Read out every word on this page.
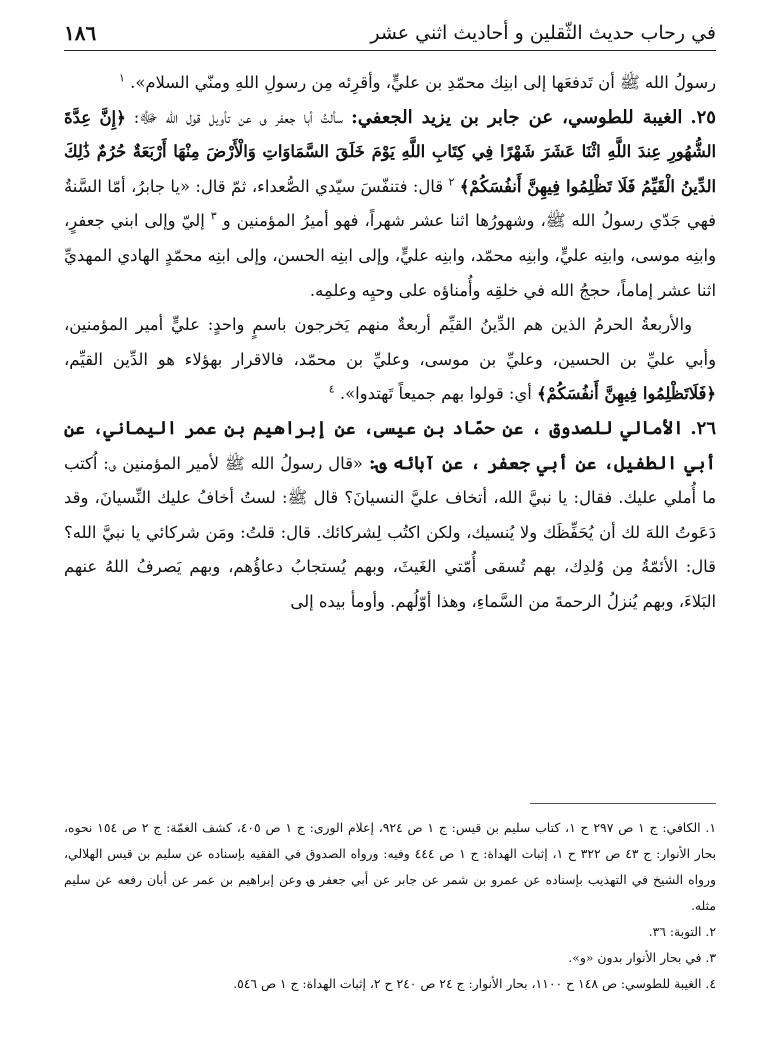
في رحاب حديث الثّقلين و أحاديث اثني عشر
١٨٦

رسولُ الله ﷺ أن تَدفعَها إلى ابنِك محمّدِ بن عليٍّ، وأقرِئه مِن رسولِ اللهِ ومنّي السلام». $^١$

٢٥. الغيبة للطوسي، عن جابر بن يزيد الجعفي: سألتُ أبا جعفر ؈ عن تأويل قول الله ﷻ: ﴿إِنَّ عِدَّةَ الشُّهُورِ عِندَ اللَّهِ اثْنَا عَشَرَ شَهْرًا فِي كِتَابِ اللَّهِ يَوْمَ خَلَقَ السَّمَاوَاتِ وَالْأَرْضَ مِنْهَا أَرْبَعَةٌ حُرُمٌ ذَٰلِكَ الدِّينُ الْقَيِّمُ فَلَا تَظْلِمُوا فِيهِنَّ أَنفُسَكُمْ﴾ $^٢$ قال: فتنفّسَ سيّدي الصُّعداء، ثمّ قال: «يا جابرُ، أمّا السَّنةُ فهي جَدّي رسولُ الله ﷺ، وشهورُها اثنا عشر شهراً، فهو أميرُ المؤمنين و $^٣$ إليّ وإلى ابني جعفرٍ، وابنِه موسى، وابنِه عليٍّ، وابنِه محمّد، وابنِه عليٍّ، وإلى ابنِه الحسن، وإلى ابنِه محمّدٍ الهادي المهديِّ اثنا عشر إماماً، حججُ الله في خلقِه وأُمناؤه على وحيِه وعلمِه.

والأربعةُ الحرمُ الذين هم الدِّينُ القيِّم أربعةٌ منهم يَخرجون باسمٍ واحدٍ: عليٍّ أمير المؤمنين، وأبي عليِّ بن الحسين، وعليِّ بن موسى، وعليِّ بن محمّد، فالاقرار بهؤلاء هو الدِّين القيِّم، ﴿فَلَاتَظْلِمُوا فِيهِنَّ أَنفُسَكُمْ﴾ أي: قولوا بهم جميعاً تَهتدوا». $^٤$

٢٦. الأمالي للصدوق ، عن حمّاد بن عيسى، عن إبراهيم بن عمر اليماني، عن أبي الطفيل، عن أبي جعفر ، عن آبائه ؈: «قال رسولُ الله ﷺ لأمير المؤمنين ؈: اُكتب ما أُملي عليك. فقال: يا نبيَّ الله، أتخاف عليَّ النسيانَ؟ قال ﷺ: لستُ أخافُ عليك النِّسيانَ، وقد دَعَوتُ اللهَ لك أن يُحَفِّظَك ولا يُنسيك، ولكن اكتُب لِشركائك. قال: قلتُ: ومَن شركائي يا نبيَّ الله؟ قال: الأئمّةُ مِن وُلدِك، بهم تُسقى أُمّتي الغَيثَ، وبهم يُستجابُ دعاؤُهم، وبهم يَصرفُ اللهُ عنهم البَلاءَ، وبهم يُنزلُ الرحمةَ من السَّماءِ، وهذا أوّلُهم. وأومأ بيده إلى

١. الكافي: ج ١ ص ٢٩٧ ح ١، كتاب سليم بن قيس: ج ١ ص ٩٢٤، إعلام الورى: ج ١ ص ٤٠٥، كشف الغمّة: ج ٢ ص ١٥٤ نحوه، بحار الأنوار: ج ٤٣ ص ٣٢٢ ح ١، إثبات الهداة: ج ١ ص ٤٤٤ وفيه: ورواه الصدوق في الفقيه بإسناده عن سليم بن قيس الهلالي، ورواه الشيخ في التهذيب بإسناده عن عمرو بن شمر عن جابر عن أبي جعفر ؈ وعن إبراهيم بن عمر عن أبان رفعه عن سليم مثله.

٢. التوبة: ٣٦.

٣. في بحار الأنوار بدون «و».

٤. الغيبة للطوسي: ص ١٤٨ ح ١١٠٠، بحار الأنوار: ج ٢٤ ص ٢٤٠ ح ٢، إثبات الهداة: ج ١ ص ٥٤٦.
